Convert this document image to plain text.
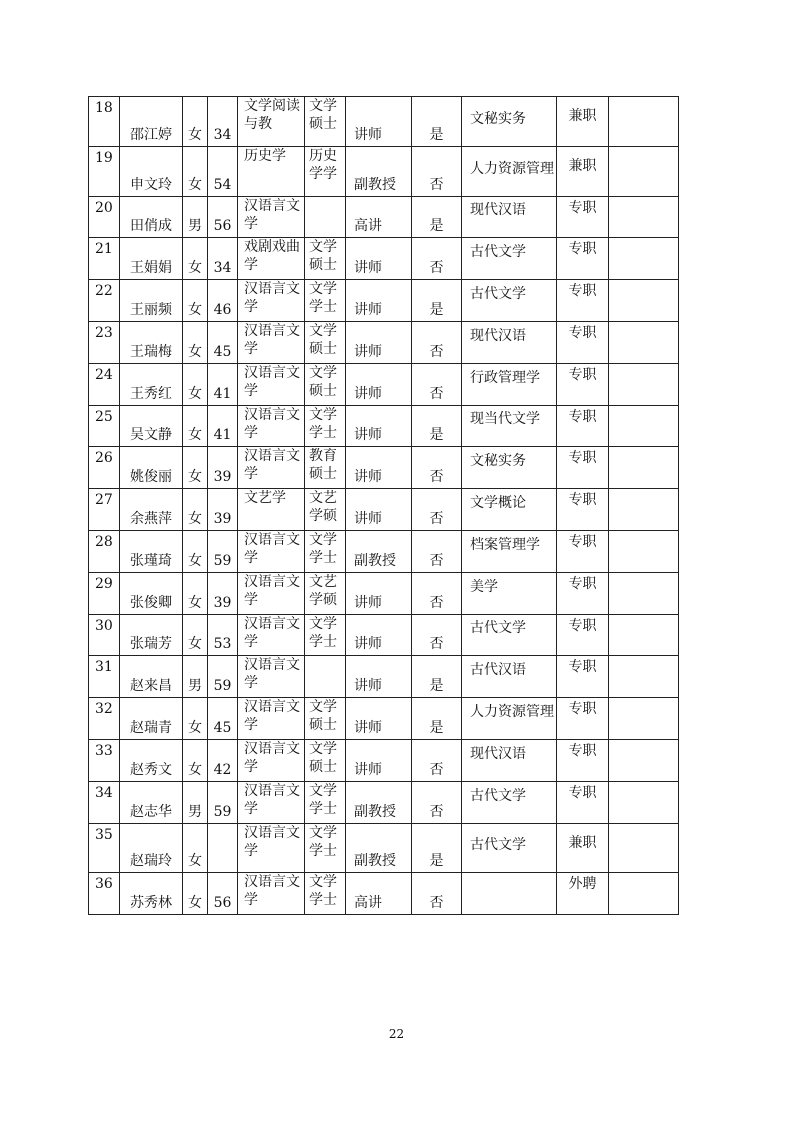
18	邵江婷	女	34	文学阅读与教	文学硕士	讲师	是	文秘实务	兼职	
19	申文玲	女	54	历史学	历史学学	副教授	否	人力资源管理	兼职	
20	田俏成	男	56	汉语言文学		高讲	是	现代汉语	专职	
21	王娟娟	女	34	戏剧戏曲学	文学硕士	讲师	否	古代文学	专职	
22	王丽频	女	46	汉语言文学	文学学士	讲师	是	古代文学	专职	
23	王瑞梅	女	45	汉语言文学	文学硕士	讲师	否	现代汉语	专职	
24	王秀红	女	41	汉语言文学	文学硕士	讲师	否	行政管理学	专职	
25	吴文静	女	41	汉语言文学	文学学士	讲师	是	现当代文学	专职	
26	姚俊丽	女	39	汉语言文学	教育硕士	讲师	否	文秘实务	专职	
27	余燕萍	女	39	文艺学	文艺学硕	讲师	否	文学概论	专职	
28	张瑾琦	女	59	汉语言文学	文学学士	副教授	否	档案管理学	专职	
29	张俊卿	女	39	汉语言文学	文艺学硕	讲师	否	美学	专职	
30	张瑞芳	女	53	汉语言文学	文学学士	讲师	否	古代文学	专职	
31	赵来昌	男	59	汉语言文学		讲师	是	古代汉语	专职	
32	赵瑞青	女	45	汉语言文学	文学硕士	讲师	是	人力资源管理	专职	
33	赵秀文	女	42	汉语言文学	文学硕士	讲师	否	现代汉语	专职	
34	赵志华	男	59	汉语言文学	文学学士	副教授	否	古代文学	专职	
35	赵瑞玲	女		汉语言文学	文学学士	副教授	是	古代文学	兼职	
36	苏秀林	女	56	汉语言文学	文学学士	高讲	否		外聘	
22
